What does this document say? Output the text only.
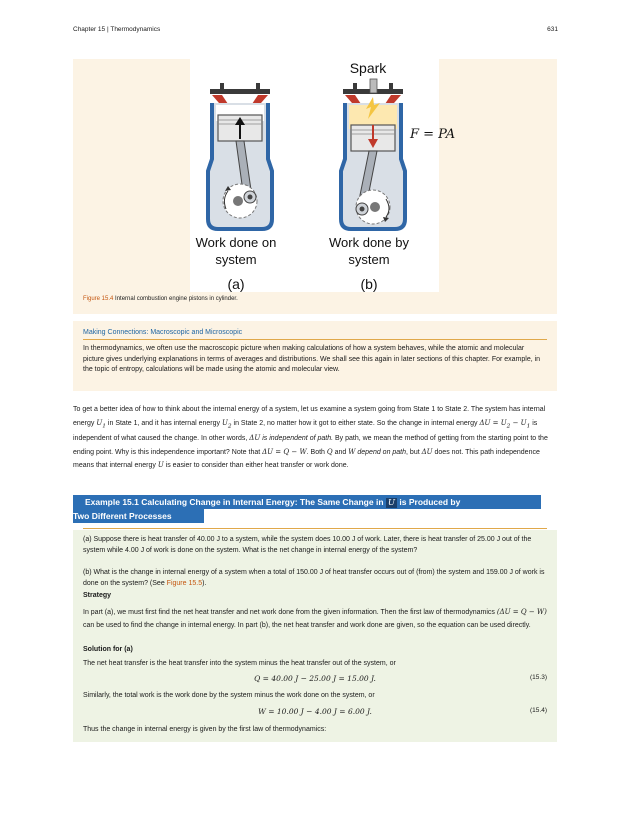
Chapter 15 | Thermodynamics	631
Spark
F = PA
Work done on
system
(a)
Work done by
system
(b)
Figure 15.4 Internal combustion engine pistons in cylinder.
Making Connections: Macroscopic and Microscopic
In thermodynamics, we often use the macroscopic picture when making calculations of how a system behaves, while the atomic and molecular picture gives underlying explanations in terms of averages and distributions. We shall see this again in later sections of this chapter. For example, in the topic of entropy, calculations will be made using the atomic and molecular view.
To get a better idea of how to think about the internal energy of a system, let us examine a system going from State 1 to State 2. The system has internal energy $U_1$ in State 1, and it has internal energy $U_2$ in State 2, no matter how it got to either state. So the change in internal energy $\Delta U = U_2 - U_1$ is independent of what caused the change. In other words, ΔU is independent of path. By path, we mean the method of getting from the starting point to the ending point. Why is this independence important? Note that ΔU = Q − W. Both Q and W depend on path, but ΔU does not. This path independence means that internal energy U is easier to consider than either heat transfer or work done.
Example 15.1 Calculating Change in Internal Energy: The Same Change in U is Produced by
Two Different Processes

(a) Suppose there is heat transfer of 40.00 J to a system, while the system does 10.00 J of work. Later, there is heat transfer of 25.00 J out of the system while 4.00 J of work is done on the system. What is the net change in internal energy of the system?

(b) What is the change in internal energy of a system when a total of 150.00 J of heat transfer occurs out of (from) the system and 159.00 J of work is done on the system? (See Figure 15.5).

Strategy

In part (a), we must first find the net heat transfer and net work done from the given information. Then the first law of thermodynamics (ΔU = Q − W) can be used to find the change in internal energy. In part (b), the net heat transfer and work done are given, so the equation can be used directly.

Solution for (a)

The net heat transfer is the heat transfer into the system minus the heat transfer out of the system, or

Q = 40.00 J − 25.00 J = 15.00 J.	(15.3)

Similarly, the total work is the work done by the system minus the work done on the system, or

W = 10.00 J − 4.00 J = 6.00 J.	(15.4)

Thus the change in internal energy is given by the first law of thermodynamics:
